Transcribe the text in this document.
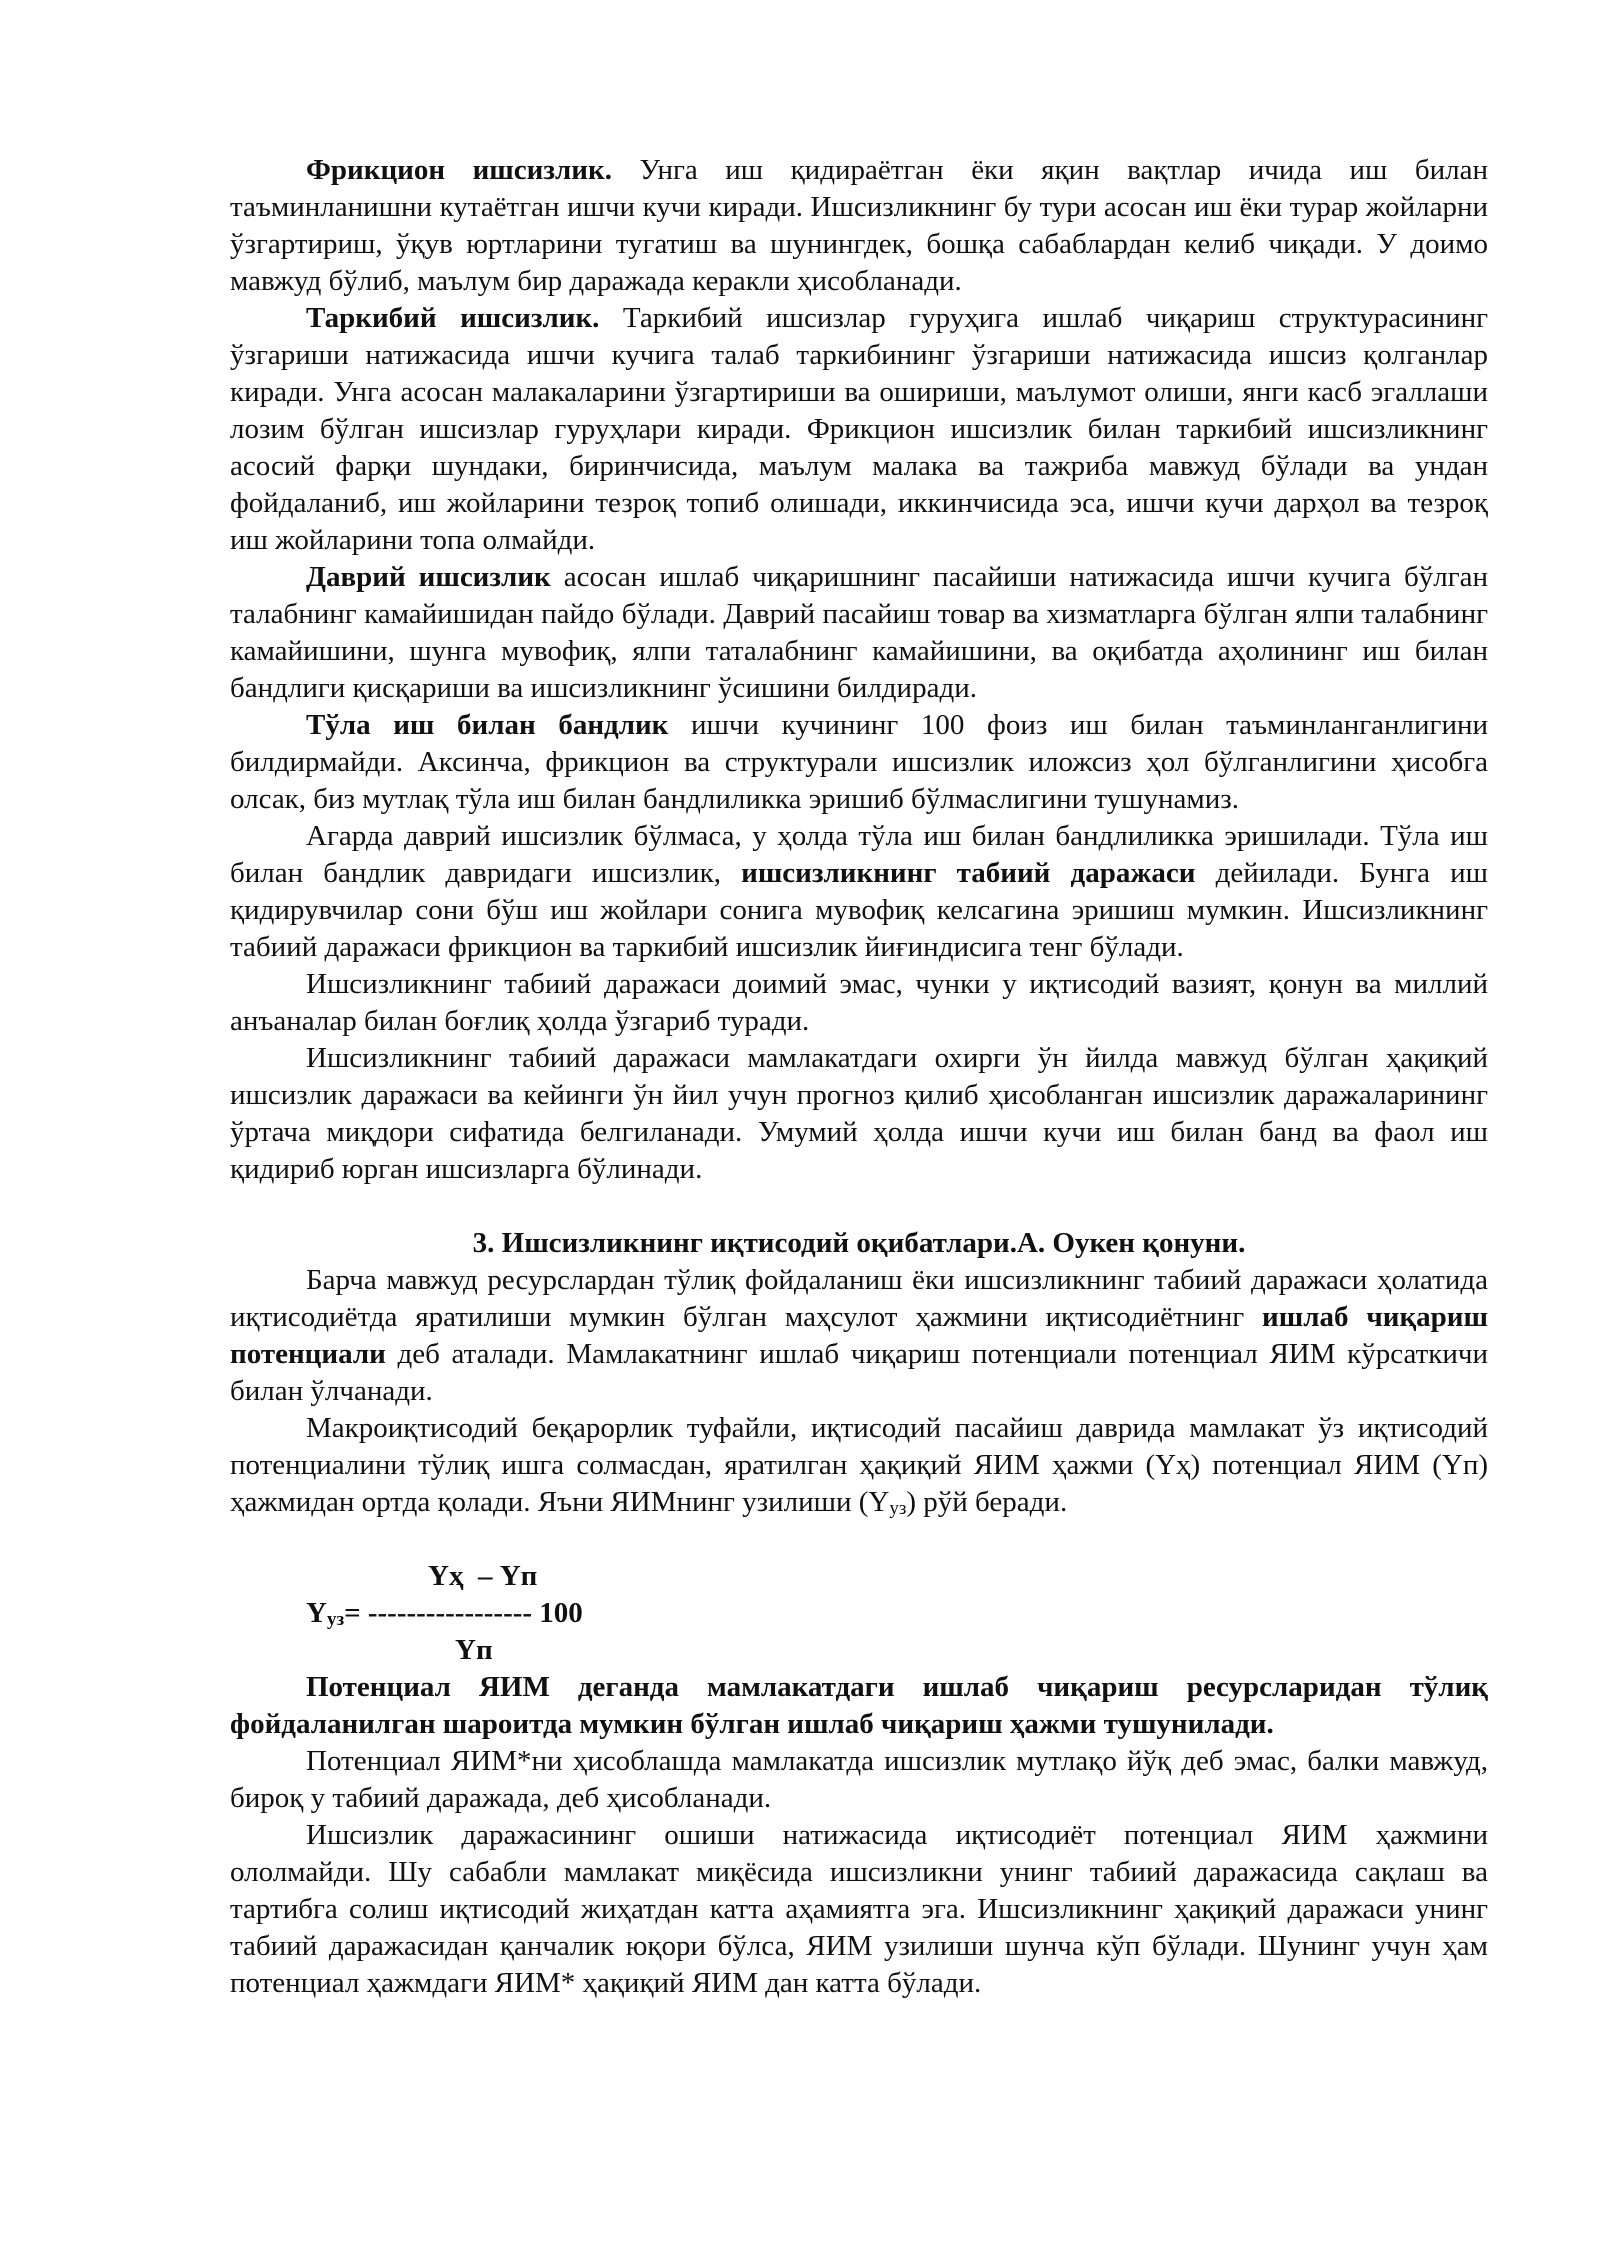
Фрикцион ишсизлик. Унга иш қидираётган ёки яқин вақтлар ичида иш билан таъминланишни кутаётган ишчи кучи киради. Ишсизликнинг бу тури асосан иш ёки турар жойларни ўзгартириш, ўқув юртларини тугатиш ва шунингдек, бошқа сабаблардан келиб чиқади. У доимо мавжуд бўлиб, маълум бир даражада керакли ҳисобланади.

Таркибий ишсизлик. Таркибий ишсизлар гуруҳига ишлаб чиқариш структурасининг ўзгариши натижасида ишчи кучига талаб таркибининг ўзгариши натижасида ишсиз қолганлар киради. Унга асосан малакаларини ўзгартириши ва ошириши, маълумот олиши, янги касб эгаллаши лозим бўлган ишсизлар гуруҳлари киради. Фрикцион ишсизлик билан таркибий ишсизликнинг асосий фарқи шундаки, биринчисида, маълум малака ва тажриба мавжуд бўлади ва ундан фойдаланиб, иш жойларини тезроқ топиб олишади, иккинчисида эса, ишчи кучи дарҳол ва тезроқ иш жойларини топа олмайди.

Даврий ишсизлик асосан ишлаб чиқаришнинг пасайиши натижасида ишчи кучига бўлган талабнинг камайишидан пайдо бўлади. Даврий пасайиш товар ва хизматларга бўлган ялпи талабнинг камайишини, шунга мувофиқ, ялпи таталабнинг камайишини, ва оқибатда аҳолининг иш билан бандлиги қисқариши ва ишсизликнинг ўсишини билдиради.

Тўла иш билан бандлик ишчи кучининг 100 фоиз иш билан таъминланганлигини билдирмайди. Аксинча, фрикцион ва структурали ишсизлик иложсиз ҳол бўлганлигини ҳисобга олсак, биз мутлақ тўла иш билан бандлиликка эришиб бўлмаслигини тушунамиз.

Агарда даврий ишсизлик бўлмаса, у ҳолда тўла иш билан бандлиликка эришилади. Тўла иш билан бандлик давридаги ишсизлик, ишсизликнинг табиий даражаси дейилади. Бунга иш қидирувчилар сони бўш иш жойлари сонига мувофиқ келсагина эришиш мумкин. Ишсизликнинг табиий даражаси фрикцион ва таркибий ишсизлик йиғиндисига тенг бўлади.

Ишсизликнинг табиий даражаси доимий эмас, чунки у иқтисодий вазият, қонун ва миллий анъаналар билан боғлиқ ҳолда ўзгариб туради.

Ишсизликнинг табиий даражаси мамлакатдаги охирги ўн йилда мавжуд бўлган ҳақиқий ишсизлик даражаси ва кейинги ўн йил учун прогноз қилиб ҳисобланган ишсизлик даражаларининг ўртача миқдори сифатида белгиланади. Умумий ҳолда ишчи кучи иш билан банд ва фаол иш қидириб юрган ишсизларга бўлинади.

3. Ишсизликнинг иқтисодий оқибатлари.А. Оукен қонуни.

Барча мавжуд ресурслардан тўлиқ фойдаланиш ёки ишсизликнинг табиий даражаси ҳолатида иқтисодиётда яратилиши мумкин бўлган маҳсулот ҳажмини иқтисодиётнинг ишлаб чиқариш потенциали деб аталади. Мамлакатнинг ишлаб чиқариш потенциали потенциал ЯИМ кўрсаткичи билан ўлчанади.

Макроиқтисодий беқарорлик туфайли, иқтисодий пасайиш даврида мамлакат ўз иқтисодий потенциалини тўлиқ ишга солмасдан, яратилган ҳақиқий ЯИМ ҳажми (Yҳ) потенциал ЯИМ (Yп) ҳажмидан ортда қолади. Яъни ЯИМнинг узилиши $(Y_{уз})$ рўй беради.

Yҳ  – Yп
$Y_{уз}=$ ----------------- 100
Yп

Потенциал ЯИМ деганда мамлакатдаги ишлаб чиқариш ресурсларидан тўлиқ фойдаланилган шароитда мумкин бўлган ишлаб чиқариш ҳажми тушунилади.

Потенциал ЯИМ*ни ҳисоблашда мамлакатда ишсизлик мутлақо йўқ деб эмас, балки мавжуд, бироқ у табиий даражада, деб ҳисобланади.

Ишсизлик даражасининг ошиши натижасида иқтисодиёт потенциал ЯИМ ҳажмини ололмайди. Шу сабабли мамлакат миқёсида ишсизликни унинг табиий даражасида сақлаш ва тартибга солиш иқтисодий жиҳатдан катта аҳамиятга эга. Ишсизликнинг ҳақиқий даражаси унинг табиий даражасидан қанчалик юқори бўлса, ЯИМ узилиши шунча кўп бўлади. Шунинг учун ҳам потенциал ҳажмдаги ЯИМ* ҳақиқий ЯИМ дан катта бўлади.
